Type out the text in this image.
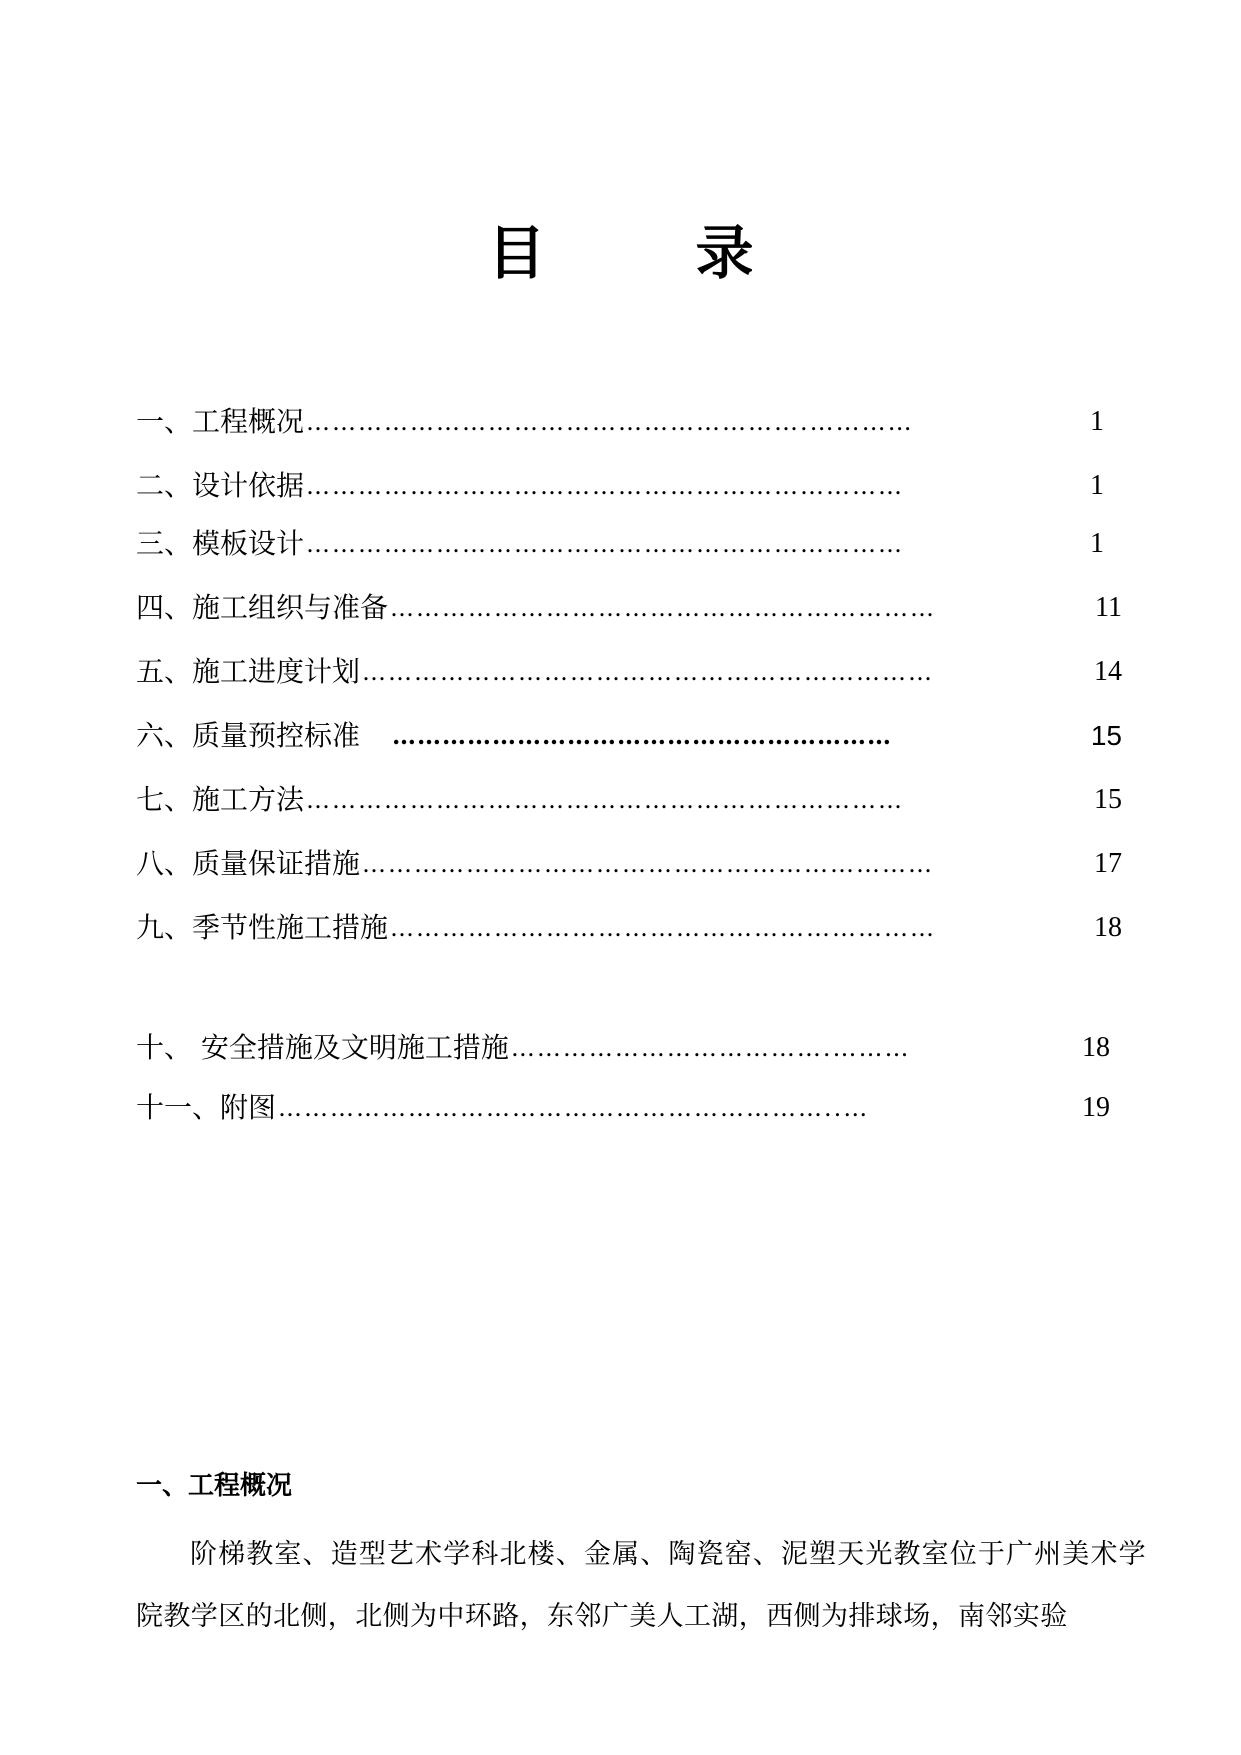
目	录
一、工程概况 ………………………………………………….…………	1
二、设计依据 ……………………………………………………………	1
三、模板设计 ……………………………………………………………	1
四、施工组织与准备 ………………………………………………………	11
五、施工进度计划 …………………………………………………………	14
六、质量预控标准 ……………………………………………………	15
七、施工方法 ……………………………………………………………	15
八、质量保证措施 …………………………………………………………	17
九、季节性施工措施 ………………………………………………………	18
十、 安全措施及文明施工措施 ……………………………….………	18
十一、附图 ………………………………………………………..…	19
一、工程概况
阶梯教室、造型艺术学科北楼、金属、陶瓷窑、泥塑天光教室位于广州美术学院教学区的北侧，北侧为中环路，东邻广美人工湖，西侧为排球场，南邻实验
